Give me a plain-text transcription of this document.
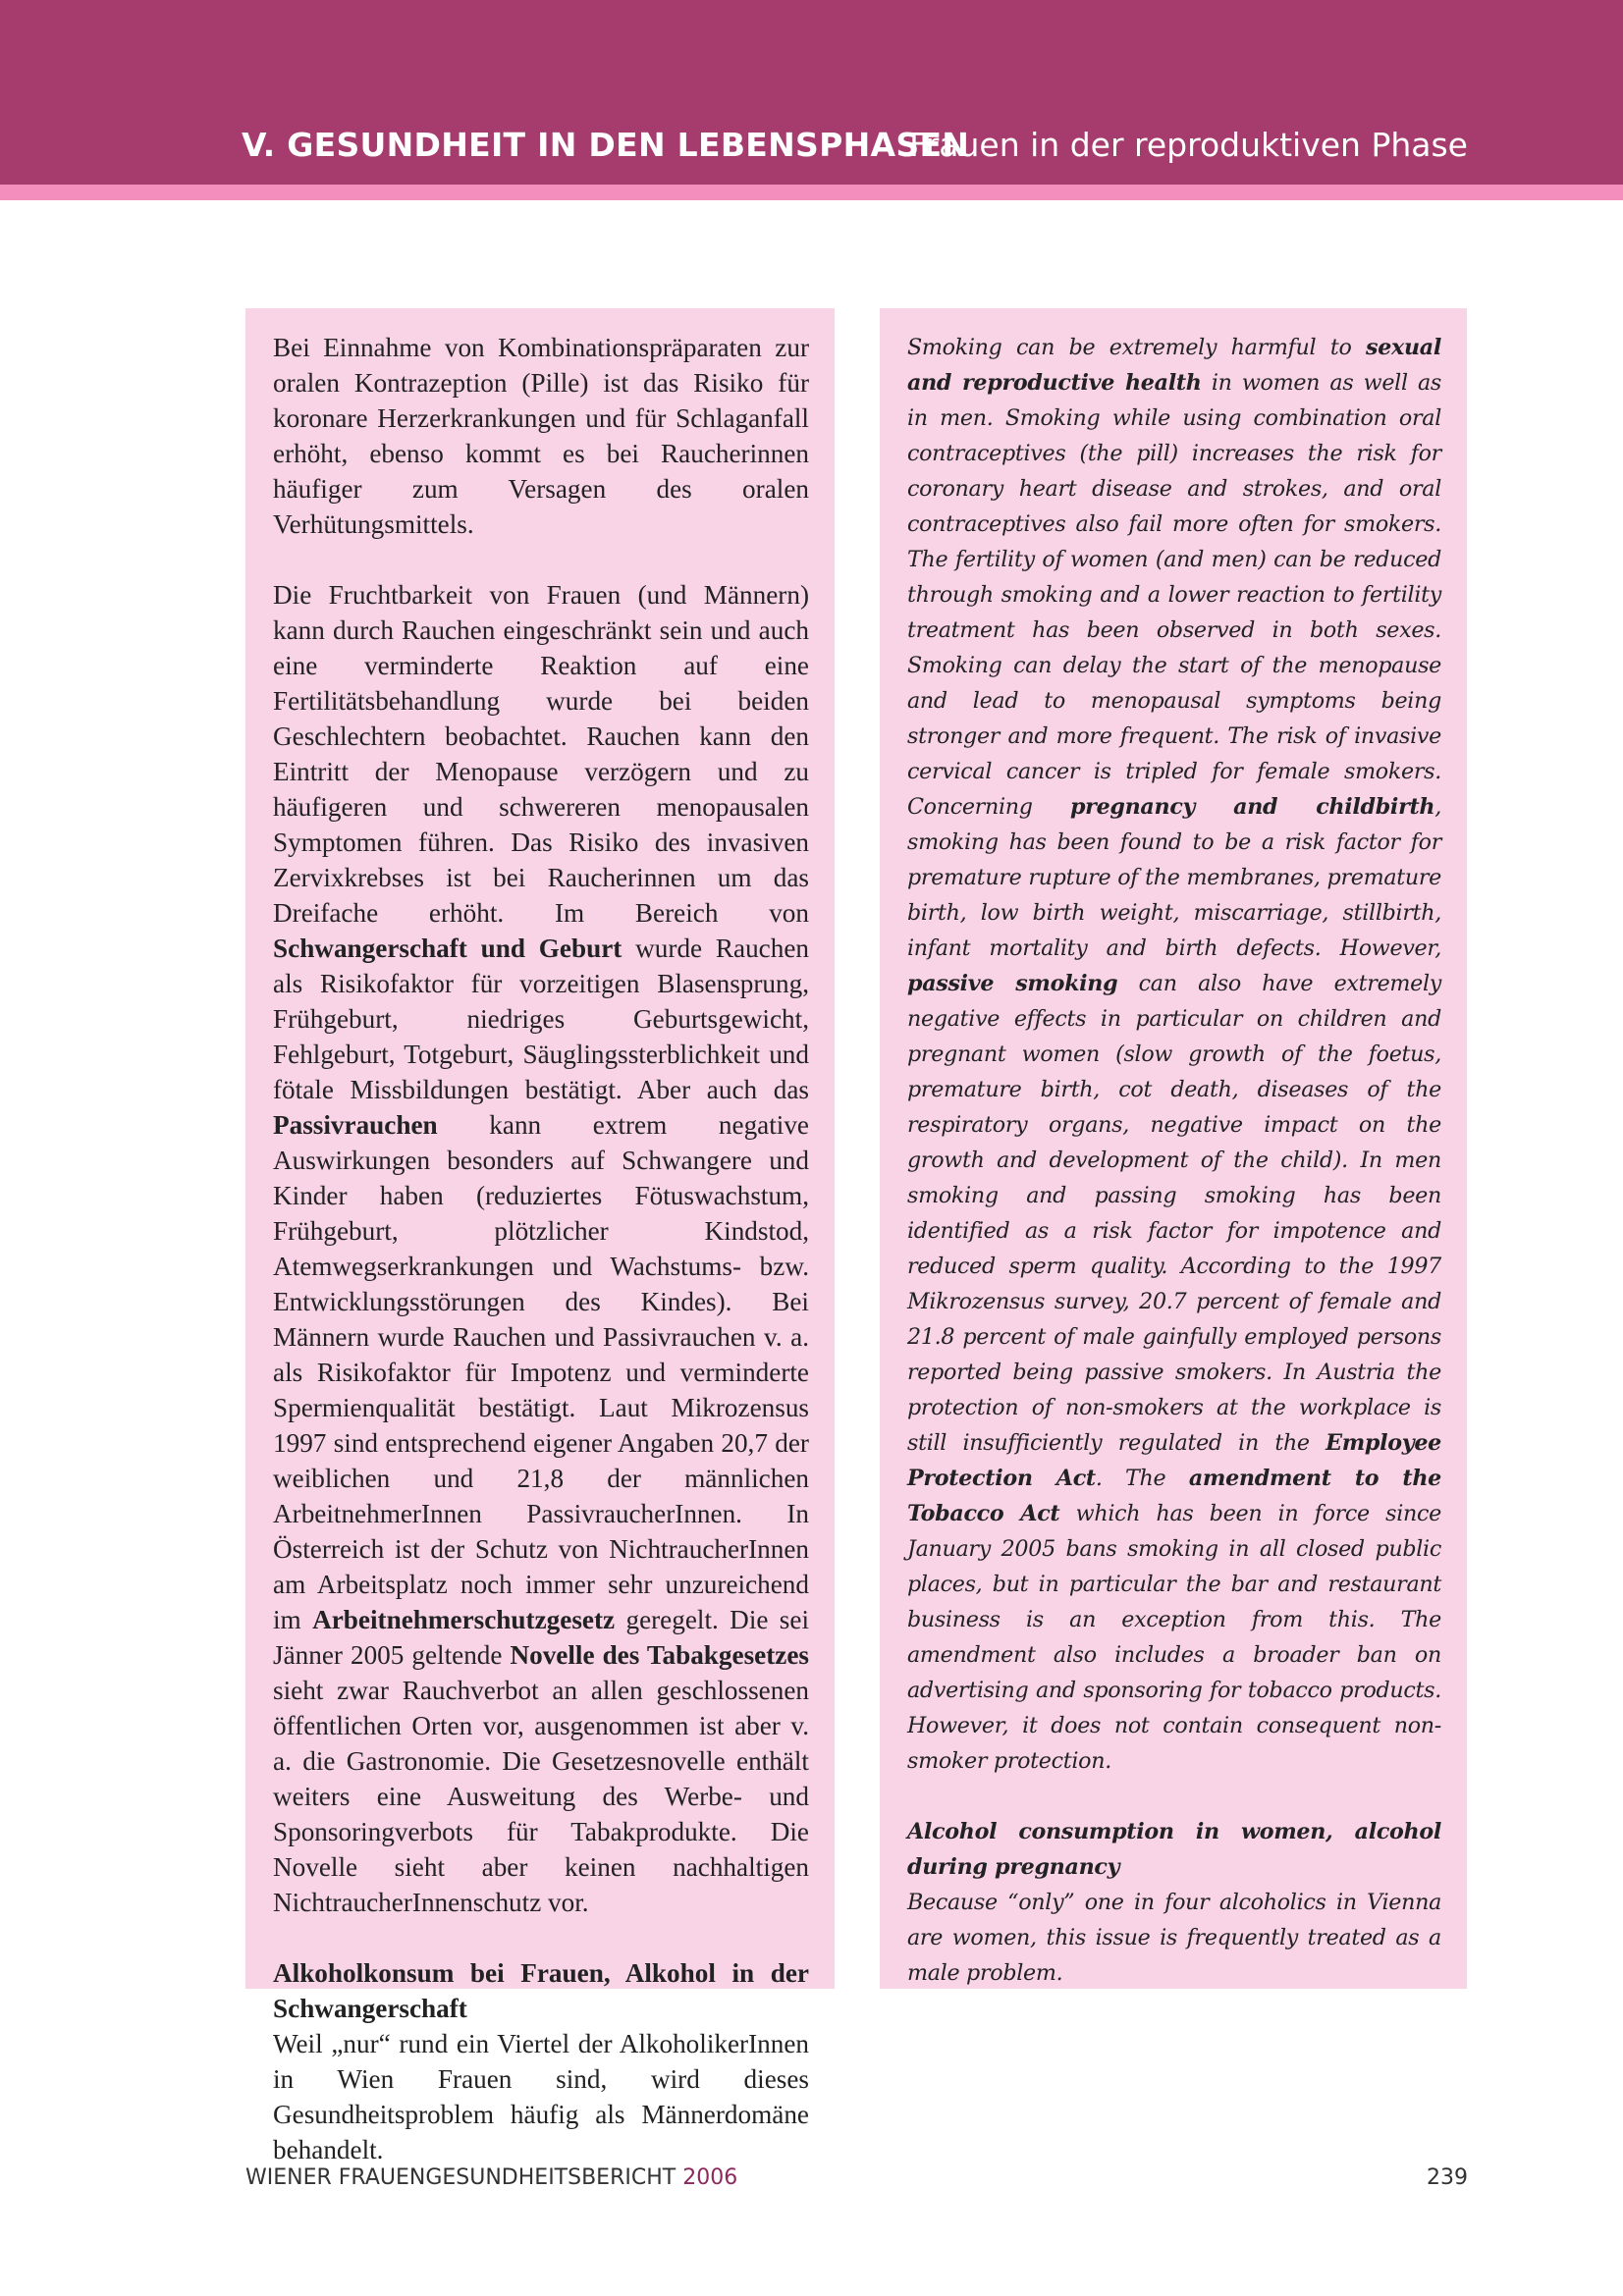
V. GESUNDHEIT IN DEN LEBENSPHASEN
Frauen in der reproduktiven Phase

Bei Einnahme von Kombinationspräparaten zur oralen Kontrazeption (Pille) ist das Risiko für koronare Herzerkrankungen und für Schlaganfall erhöht, ebenso kommt es bei Raucherinnen häufiger zum Versagen des oralen Verhütungsmittels.

Die Fruchtbarkeit von Frauen (und Männern) kann durch Rauchen eingeschränkt sein und auch eine verminderte Reaktion auf eine Fertilitätsbehandlung wurde bei beiden Geschlechtern beobachtet. Rauchen kann den Eintritt der Menopause verzögern und zu häufigeren und schwereren menopausalen Symptomen führen. Das Risiko des invasiven Zervixkrebses ist bei Raucherinnen um das Dreifache erhöht. Im Bereich von Schwangerschaft und Geburt wurde Rauchen als Risikofaktor für vorzeitigen Blasensprung, Frühgeburt, niedriges Geburtsgewicht, Fehlgeburt, Totgeburt, Säuglingssterblichkeit und fötale Missbildungen bestätigt. Aber auch das Passivrauchen kann extrem negative Auswirkungen besonders auf Schwangere und Kinder haben (reduziertes Fötuswachstum, Frühgeburt, plötzlicher Kindstod, Atemwegserkrankungen und Wachstums- bzw. Entwicklungsstörungen des Kindes). Bei Männern wurde Rauchen und Passivrauchen v. a. als Risikofaktor für Impotenz und verminderte Spermienqualität bestätigt. Laut Mikrozensus 1997 sind entsprechend eigener Angaben 20,7 der weiblichen und 21,8 der männlichen ArbeitnehmerInnen PassivraucherInnen. In Österreich ist der Schutz von NichtraucherInnen am Arbeitsplatz noch immer sehr unzureichend im Arbeitnehmerschutzgesetz geregelt. Die sei Jänner 2005 geltende Novelle des Tabakgesetzes sieht zwar Rauchverbot an allen geschlossenen öffentlichen Orten vor, ausgenommen ist aber v. a. die Gastronomie. Die Gesetzesnovelle enthält weiters eine Ausweitung des Werbe- und Sponsoringverbots für Tabakprodukte. Die Novelle sieht aber keinen nachhaltigen NichtraucherInnenschutz vor.

Alkoholkonsum bei Frauen, Alkohol in der Schwangerschaft
Weil „nur“ rund ein Viertel der AlkoholikerInnen in Wien Frauen sind, wird dieses Gesundheitsproblem häufig als Männerdomäne behandelt.

Smoking can be extremely harmful to sexual and reproductive health in women as well as in men. Smoking while using combination oral contraceptives (the pill) increases the risk for coronary heart disease and strokes, and oral contraceptives also fail more often for smokers. The fertility of women (and men) can be reduced through smoking and a lower reaction to fertility treatment has been observed in both sexes. Smoking can delay the start of the menopause and lead to menopausal symptoms being stronger and more frequent. The risk of invasive cervical cancer is tripled for female smokers. Concerning pregnancy and childbirth, smoking has been found to be a risk factor for premature rupture of the membranes, premature birth, low birth weight, miscarriage, stillbirth, infant mortality and birth defects. However, passive smoking can also have extremely negative effects in particular on children and pregnant women (slow growth of the foetus, premature birth, cot death, diseases of the respiratory organs, negative impact on the growth and development of the child). In men smoking and passing smoking has been identified as a risk factor for impotence and reduced sperm quality. According to the 1997 Mikrozensus survey, 20.7 percent of female and 21.8 percent of male gainfully employed persons reported being passive smokers. In Austria the protection of non-smokers at the workplace is still insufficiently regulated in the Employee Protection Act. The amendment to the Tobacco Act which has been in force since January 2005 bans smoking in all closed public places, but in particular the bar and restaurant business is an exception from this. The amendment also includes a broader ban on advertising and sponsoring for tobacco products. However, it does not contain consequent non-smoker protection.

Alcohol consumption in women, alcohol during pregnancy
Because “only” one in four alcoholics in Vienna are women, this issue is frequently treated as a male problem.

WIENER FRAUENGESUNDHEITSBERICHT 2006	239
